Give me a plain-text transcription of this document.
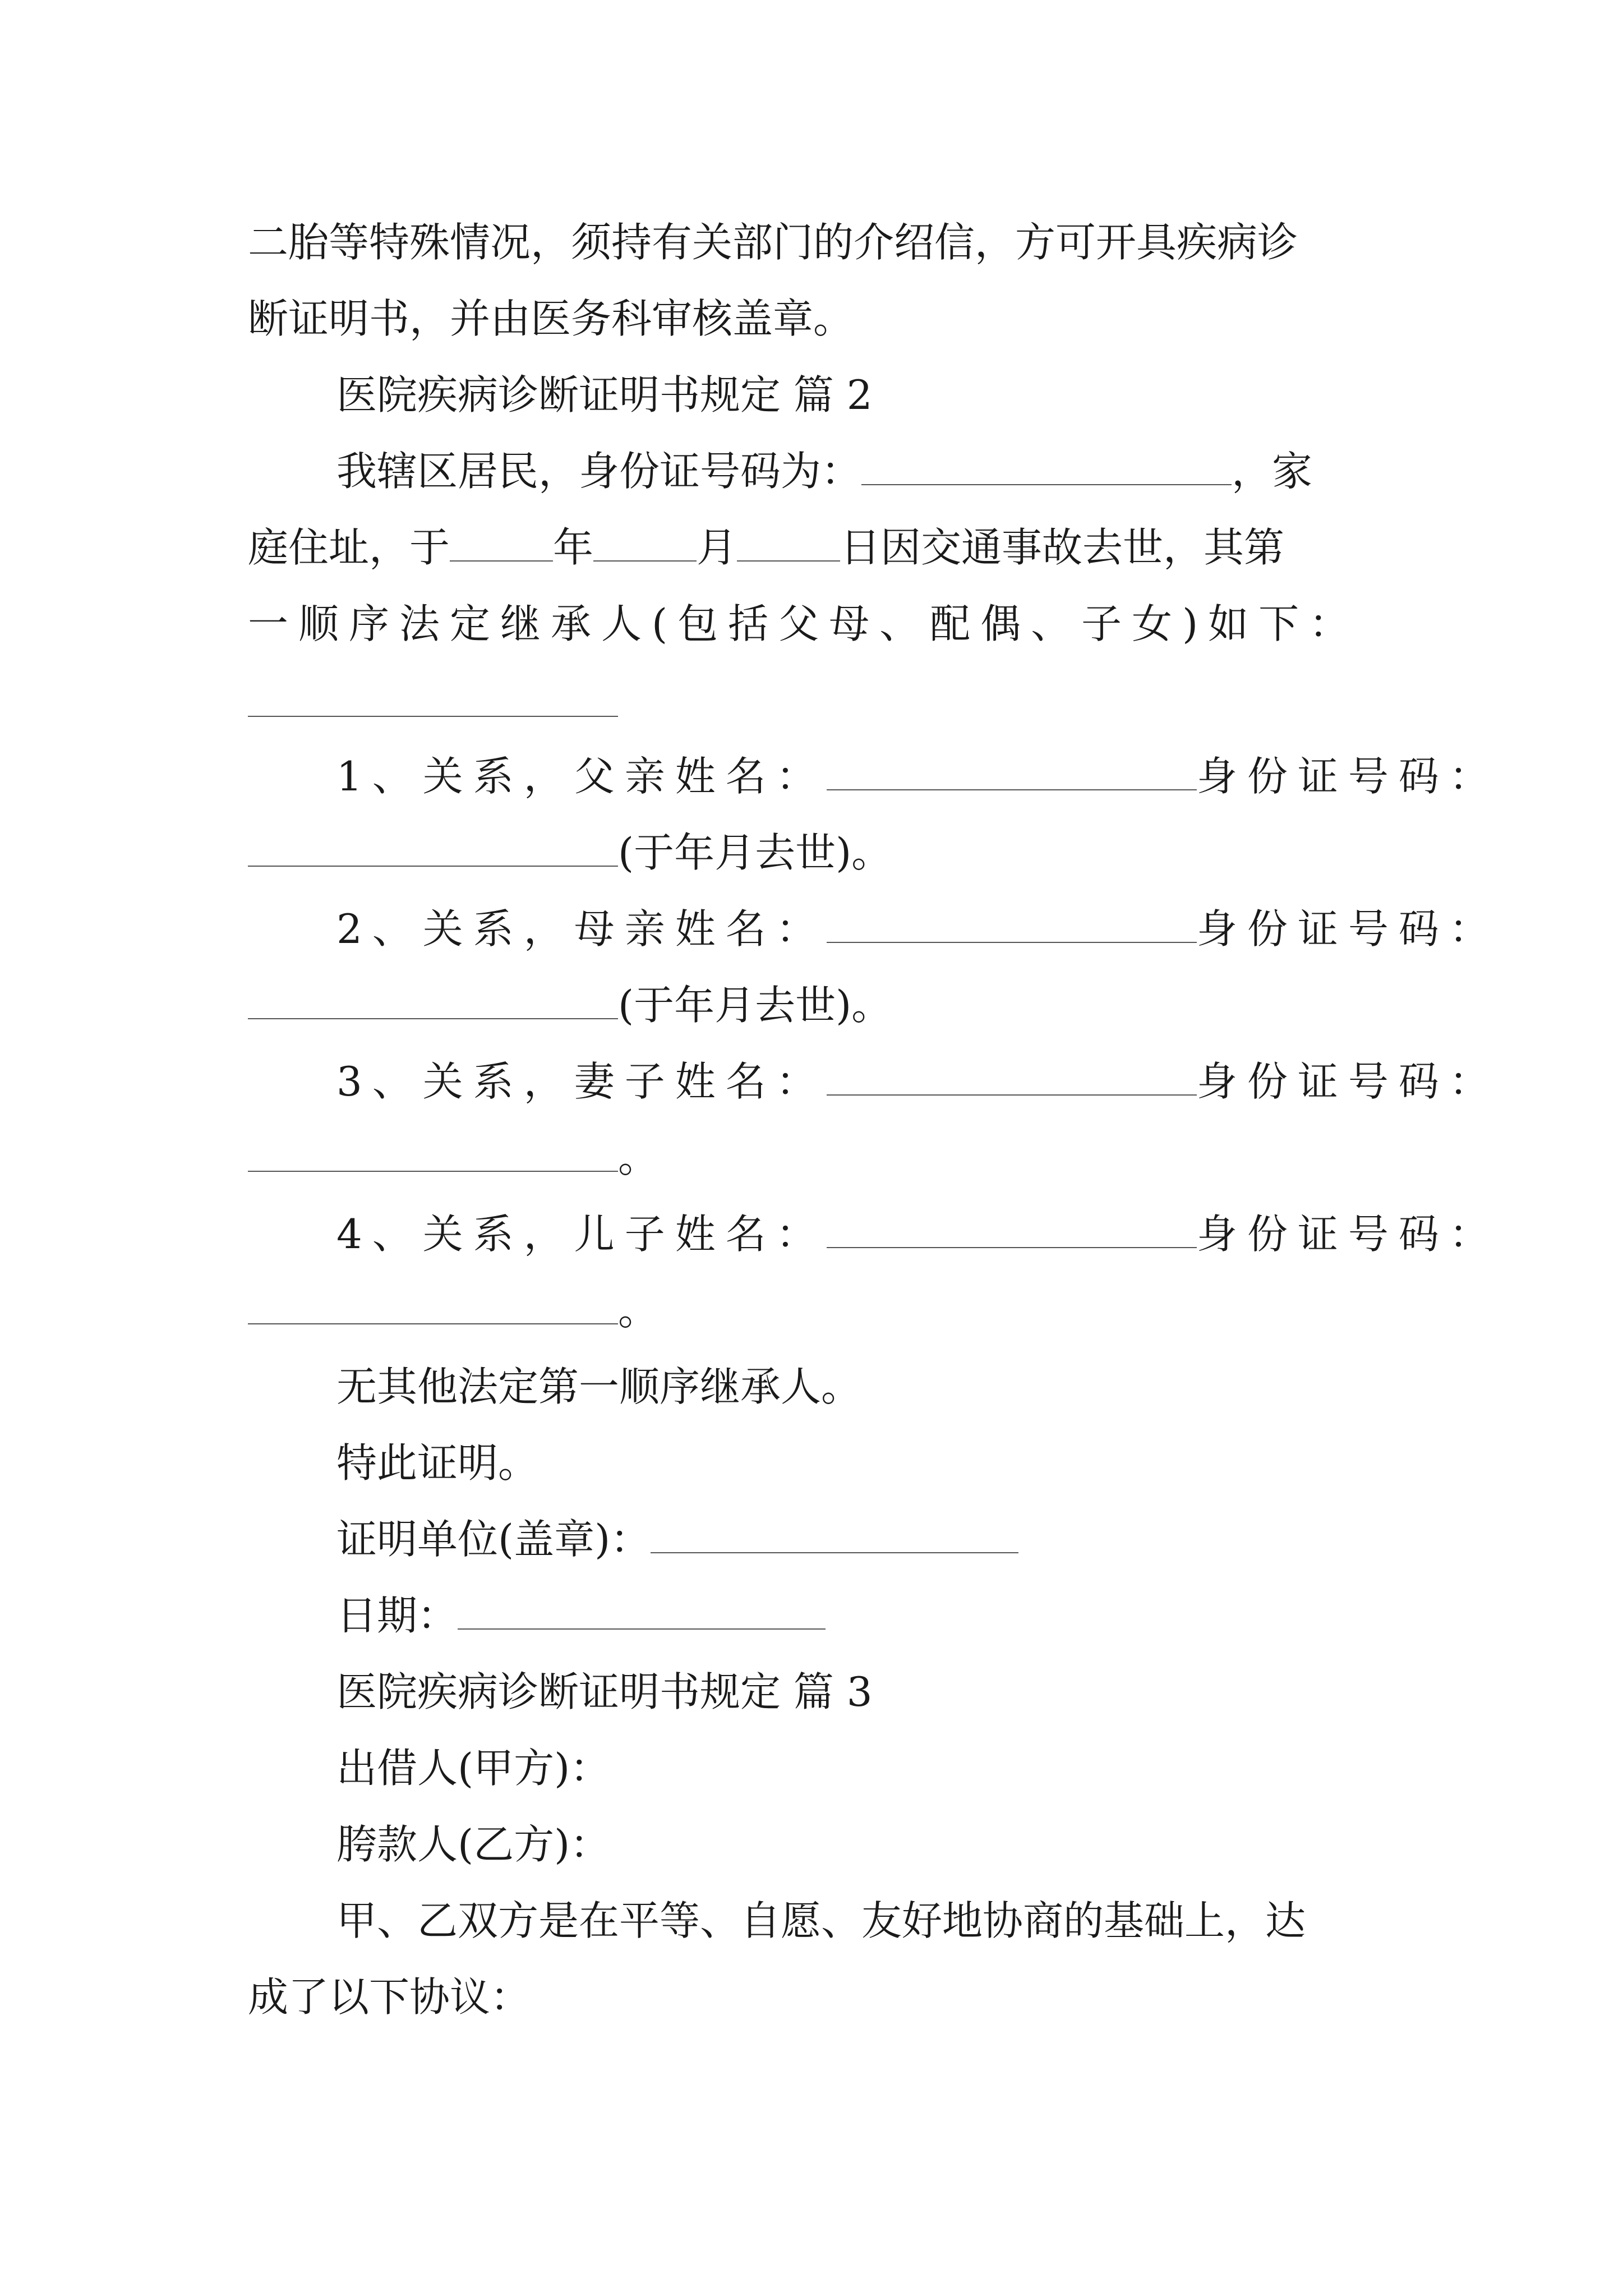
二胎等特殊情况，须持有关部门的介绍信，方可开具疾病诊
断证明书，并由医务科审核盖章。
医院疾病诊断证明书规定 篇 2
我辖区居民，身份证号码为：	，家
庭住址，于	年	月	日因交通事故去世，其第
一顺序法定继承人(包括父母、配偶、子女)如下：
1、关系，父亲姓名：	身份证号码：
(于年月去世)。
2、关系，母亲姓名：	身份证号码：
(于年月去世)。
3、关系，妻子姓名：	身份证号码：
。
4、关系，儿子姓名：	身份证号码：
。
无其他法定第一顺序继承人。
特此证明。
证明单位(盖章)：
日期：
医院疾病诊断证明书规定 篇 3
出借人(甲方)：
胯款人(乙方)：
甲、乙双方是在平等、自愿、友好地协商的基础上，达
成了以下协议：
